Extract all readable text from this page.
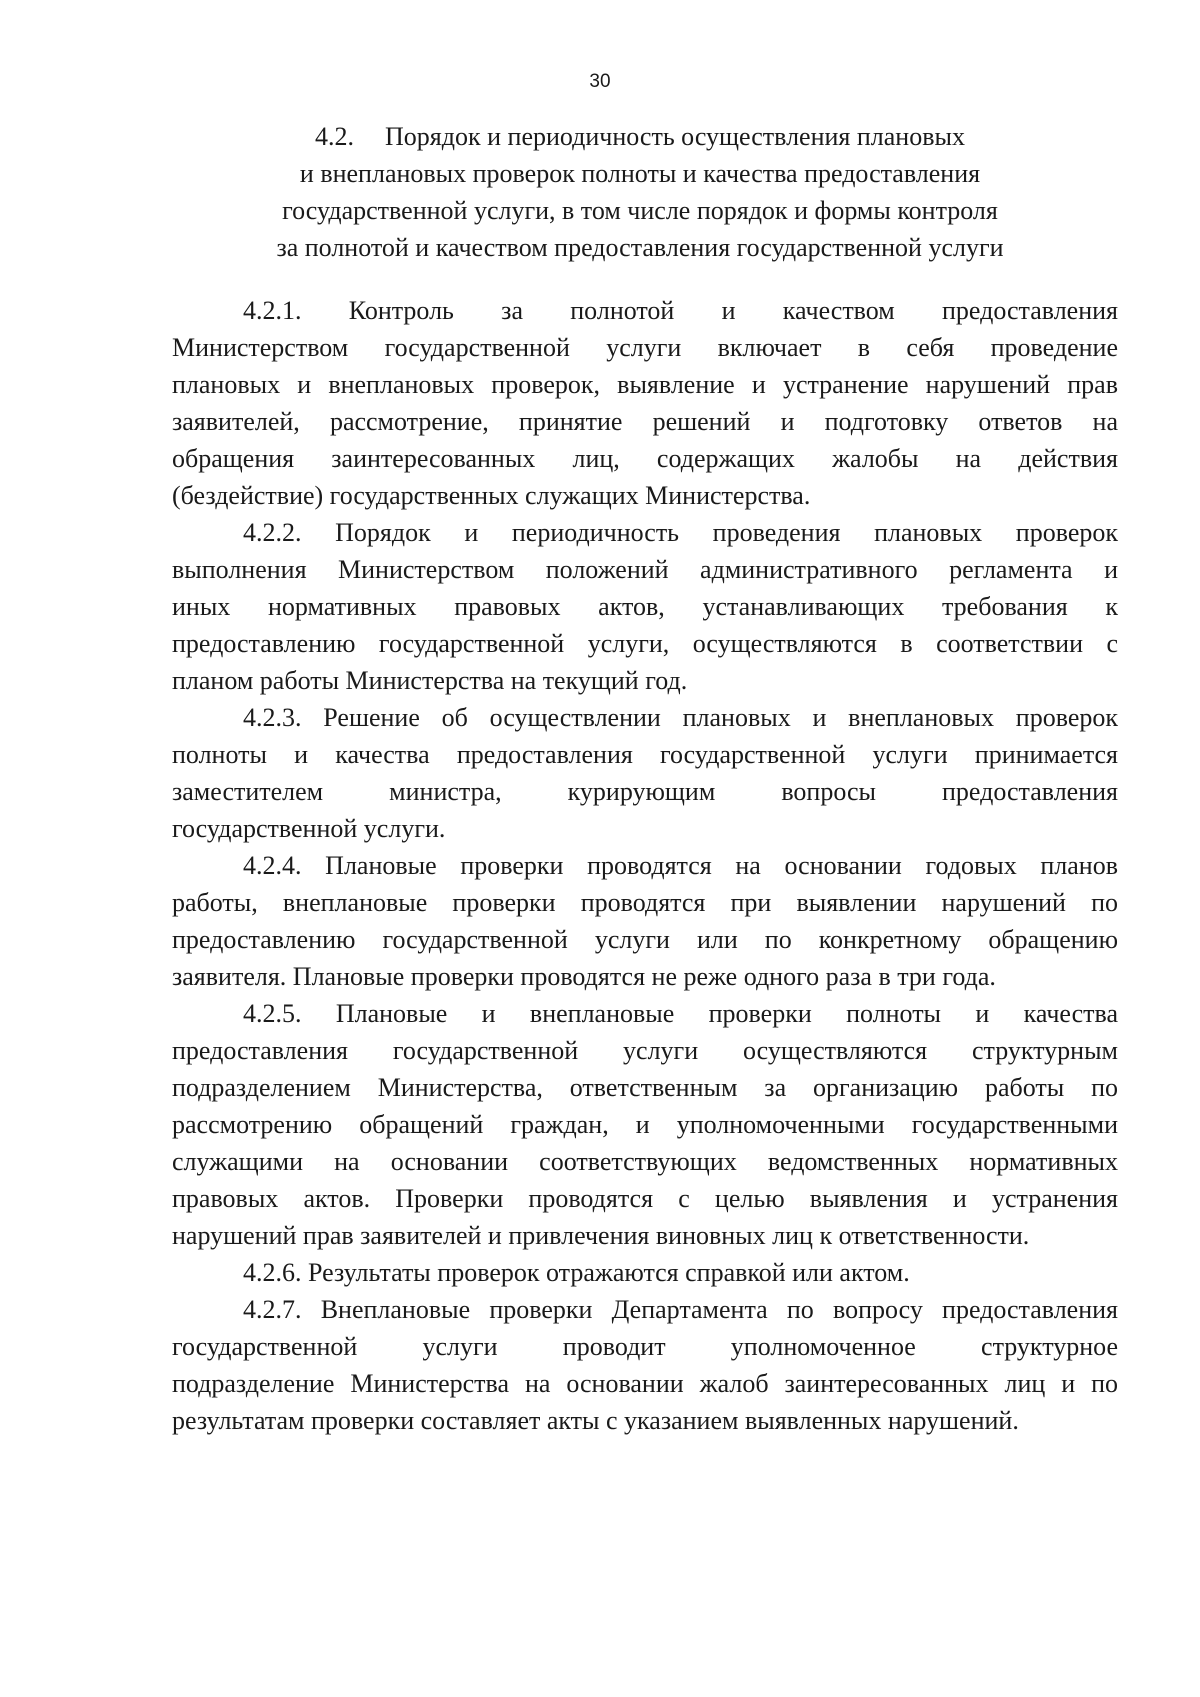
30
4.2. Порядок и периодичность осуществления плановых
и внеплановых проверок полноты и качества предоставления
государственной услуги, в том числе порядок и формы контроля
за полнотой и качеством предоставления государственной услуги
4.2.1. Контроль за полнотой и качеством предоставления
Министерством государственной услуги включает в себя проведение
плановых и внеплановых проверок, выявление и устранение нарушений прав
заявителей, рассмотрение, принятие решений и подготовку ответов на
обращения заинтересованных лиц, содержащих жалобы на действия
(бездействие) государственных служащих Министерства.
4.2.2. Порядок и периодичность проведения плановых проверок
выполнения Министерством положений административного регламента и
иных нормативных правовых актов, устанавливающих требования к
предоставлению государственной услуги, осуществляются в соответствии с
планом работы Министерства на текущий год.
4.2.3. Решение об осуществлении плановых и внеплановых проверок
полноты и качества предоставления государственной услуги принимается
заместителем министра, курирующим вопросы предоставления
государственной услуги.
4.2.4. Плановые проверки проводятся на основании годовых планов
работы, внеплановые проверки проводятся при выявлении нарушений по
предоставлению государственной услуги или по конкретному обращению
заявителя. Плановые проверки проводятся не реже одного раза в три года.
4.2.5. Плановые и внеплановые проверки полноты и качества
предоставления государственной услуги осуществляются структурным
подразделением Министерства, ответственным за организацию работы по
рассмотрению обращений граждан, и уполномоченными государственными
служащими на основании соответствующих ведомственных нормативных
правовых актов. Проверки проводятся с целью выявления и устранения
нарушений прав заявителей и привлечения виновных лиц к ответственности.
4.2.6. Результаты проверок отражаются справкой или актом.
4.2.7. Внеплановые проверки Департамента по вопросу предоставления
государственной услуги проводит уполномоченное структурное
подразделение Министерства на основании жалоб заинтересованных лиц и по
результатам проверки составляет акты с указанием выявленных нарушений.
